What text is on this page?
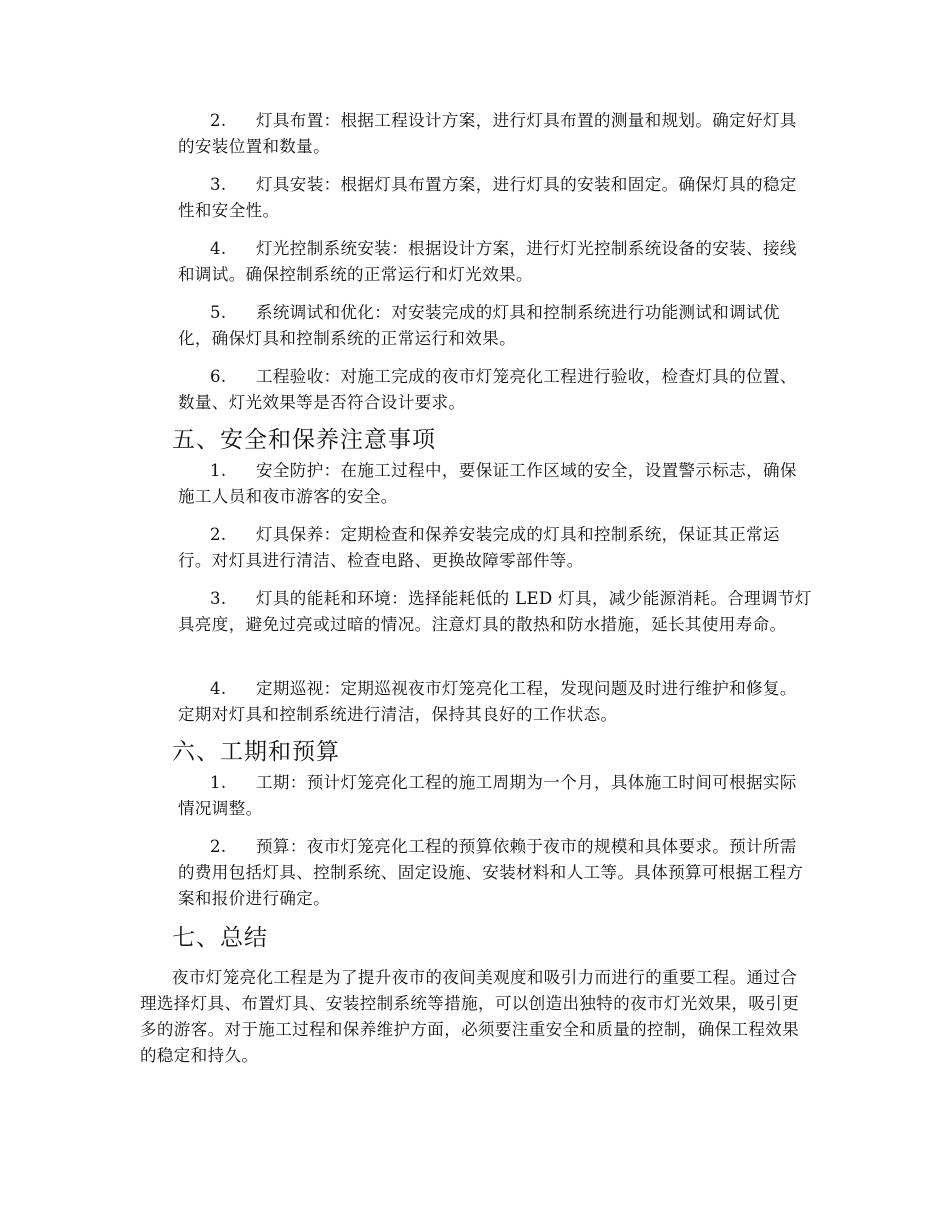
2. 灯具布置：根据工程设计方案，进行灯具布置的测量和规划。确定好灯具的安装位置和数量。

3. 灯具安装：根据灯具布置方案，进行灯具的安装和固定。确保灯具的稳定性和安全性。

4. 灯光控制系统安装：根据设计方案，进行灯光控制系统设备的安装、接线和调试。确保控制系统的正常运行和灯光效果。

5. 系统调试和优化：对安装完成的灯具和控制系统进行功能测试和调试优化，确保灯具和控制系统的正常运行和效果。

6. 工程验收：对施工完成的夜市灯笼亮化工程进行验收，检查灯具的位置、数量、灯光效果等是否符合设计要求。

五、安全和保养注意事项

1. 安全防护：在施工过程中，要保证工作区域的安全，设置警示标志，确保施工人员和夜市游客的安全。

2. 灯具保养：定期检查和保养安装完成的灯具和控制系统，保证其正常运行。对灯具进行清洁、检查电路、更换故障零部件等。

3. 灯具的能耗和环境：选择能耗低的 LED 灯具，减少能源消耗。合理调节灯具亮度，避免过亮或过暗的情况。注意灯具的散热和防水措施，延长其使用寿命。

4. 定期巡视：定期巡视夜市灯笼亮化工程，发现问题及时进行维护和修复。定期对灯具和控制系统进行清洁，保持其良好的工作状态。

六、工期和预算

1. 工期：预计灯笼亮化工程的施工周期为一个月，具体施工时间可根据实际情况调整。

2. 预算：夜市灯笼亮化工程的预算依赖于夜市的规模和具体要求。预计所需的费用包括灯具、控制系统、固定设施、安装材料和人工等。具体预算可根据工程方案和报价进行确定。

七、总结

夜市灯笼亮化工程是为了提升夜市的夜间美观度和吸引力而进行的重要工程。通过合理选择灯具、布置灯具、安装控制系统等措施，可以创造出独特的夜市灯光效果，吸引更多的游客。对于施工过程和保养维护方面，必须要注重安全和质量的控制，确保工程效果的稳定和持久。
